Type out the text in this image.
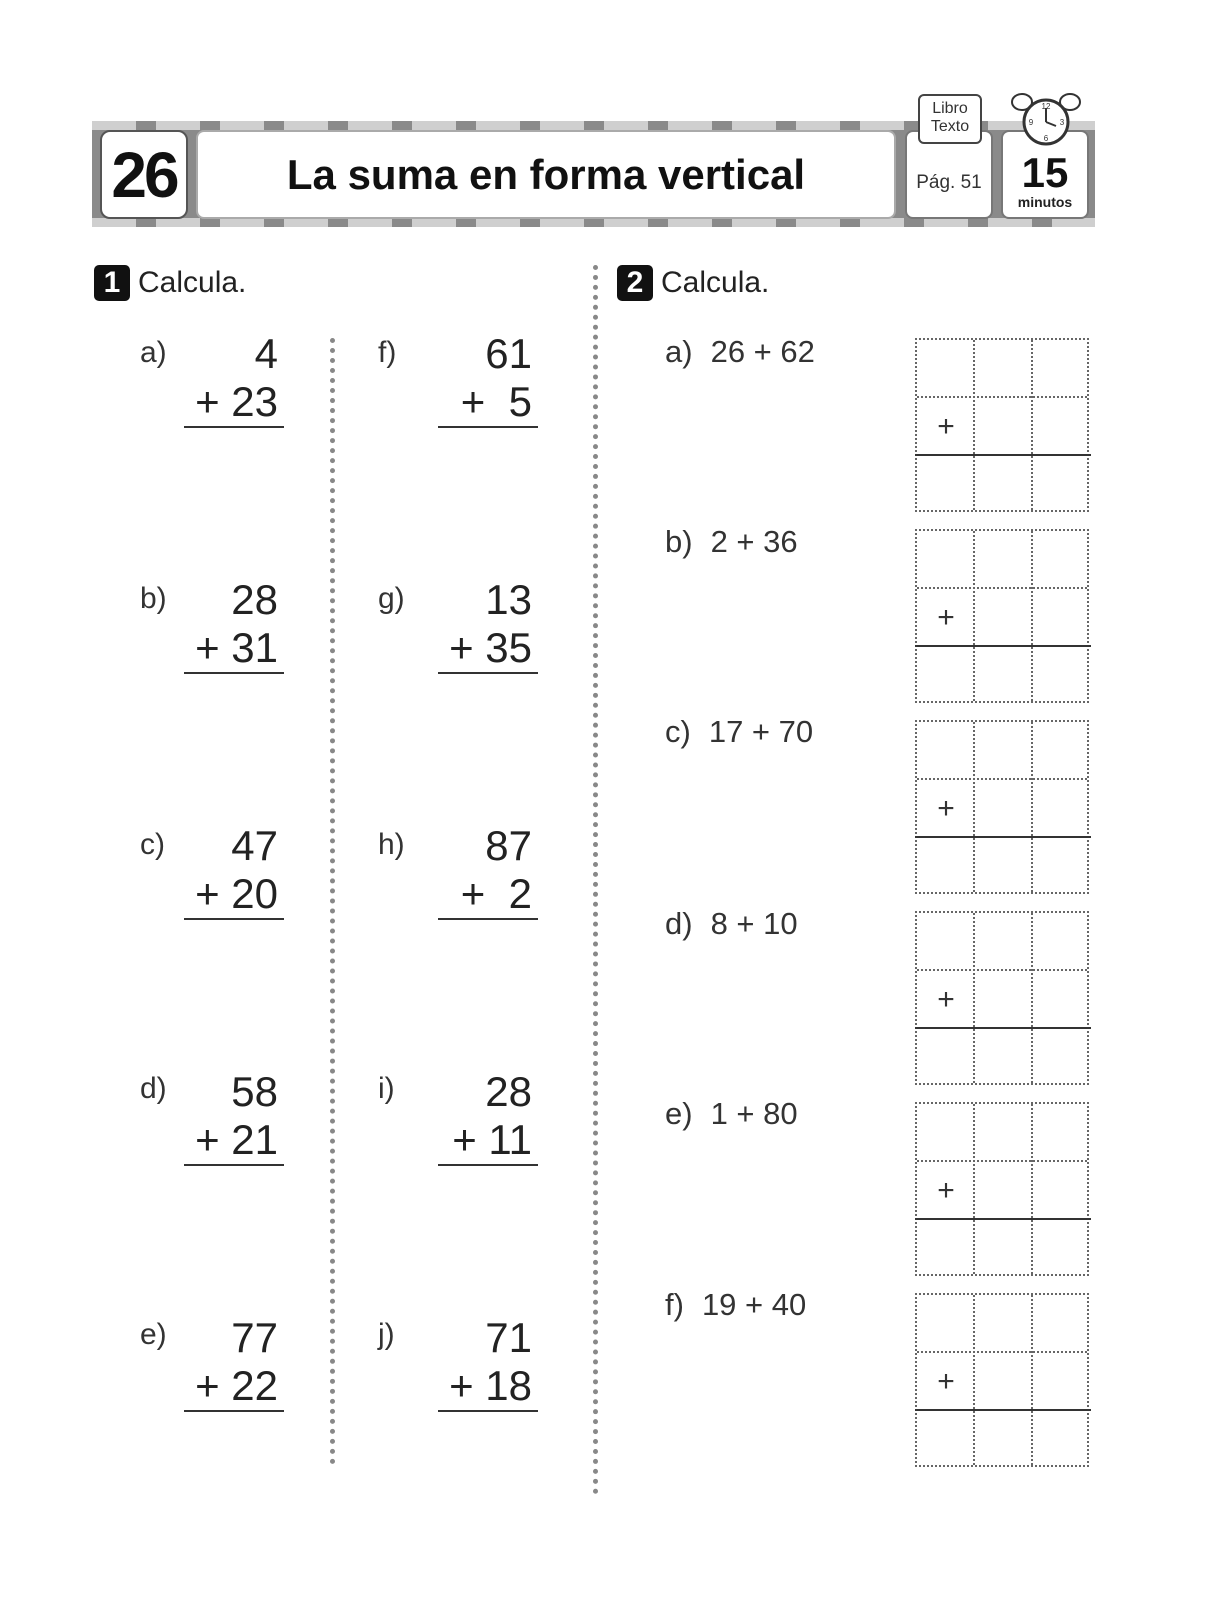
26	La suma en forma vertical	Pág. 51
Libro
Texto
15
minutos
12
3
6
9
1 Calcula.
a)	4
+ 23
b)	28
+ 31
c)	47
+ 20
d)	58
+ 21
e)	77
+ 22
f)	61
+  5
g)	13
+ 35
h)	87
+  2
i)	28
+ 11
j)	71
+ 18
2 Calcula.
a) 26 + 62
+
b) 2 + 36
+
c) 17 + 70
+
d) 8 + 10
+
e) 1 + 80
+
f) 19 + 40
+
